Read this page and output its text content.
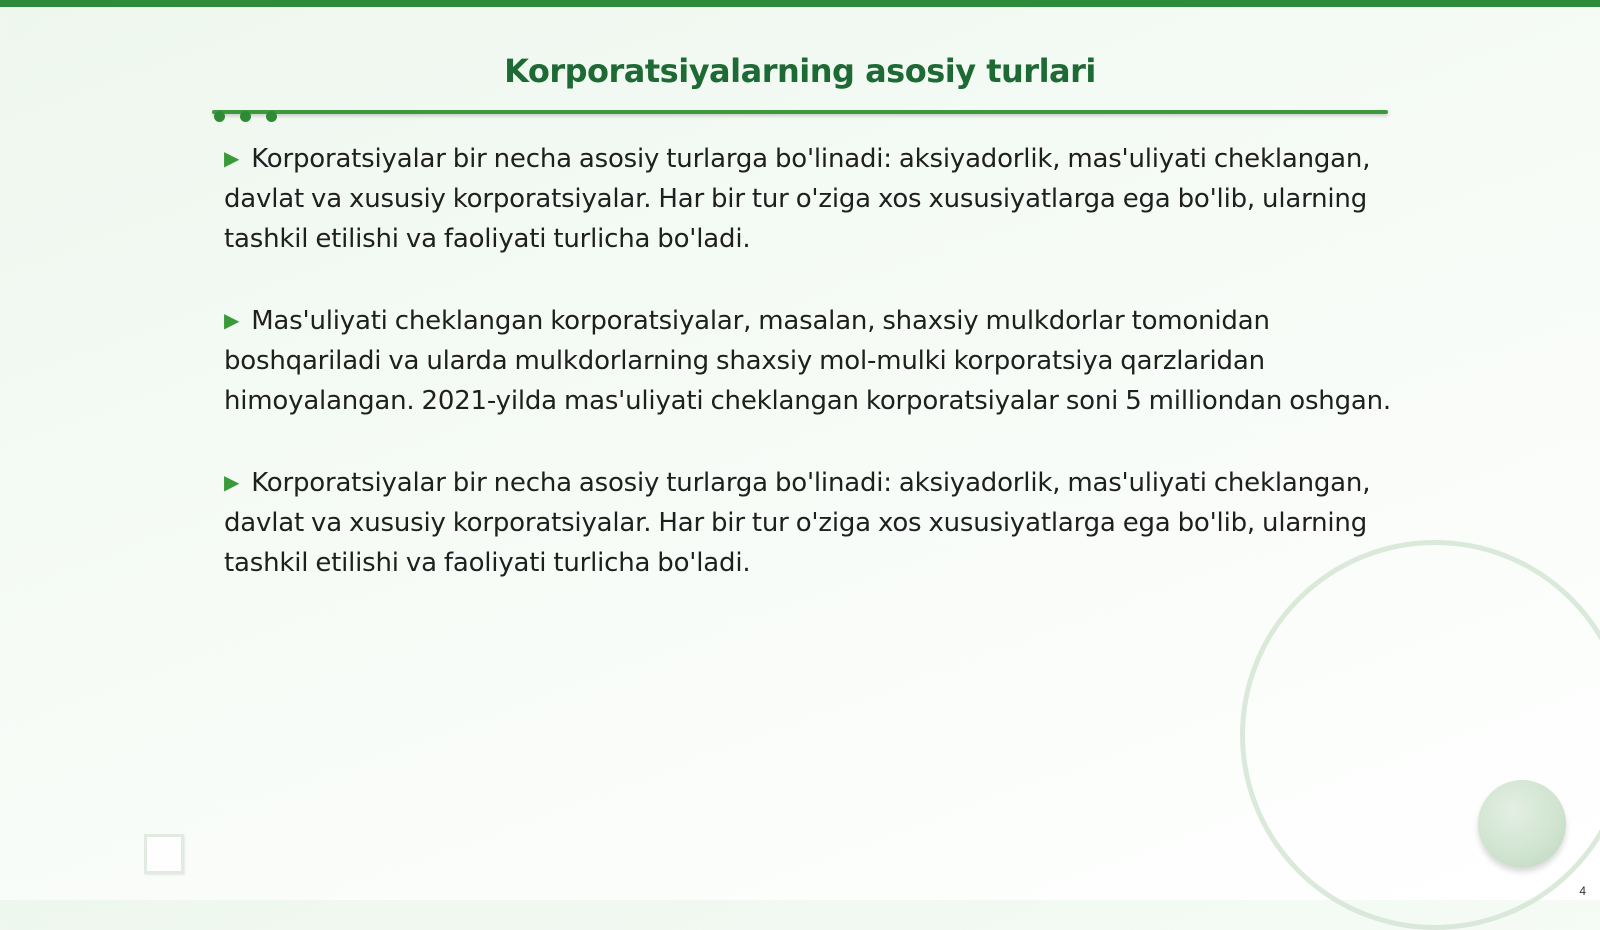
Korporatsiyalarning asosiy turlari

▶ Korporatsiyalar bir necha asosiy turlarga bo'linadi: aksiyadorlik, mas'uliyati cheklangan, davlat va xususiy korporatsiyalar. Har bir tur o'ziga xos xususiyatlarga ega bo'lib, ularning tashkil etilishi va faoliyati turlicha bo'ladi.

▶ Mas'uliyati cheklangan korporatsiyalar, masalan, shaxsiy mulkdorlar tomonidan boshqariladi va ularda mulkdorlarning shaxsiy mol-mulki korporatsiya qarzlaridan himoyalangan. 2021-yilda mas'uliyati cheklangan korporatsiyalar soni 5 milliondan oshgan.

▶ Korporatsiyalar bir necha asosiy turlarga bo'linadi: aksiyadorlik, mas'uliyati cheklangan, davlat va xususiy korporatsiyalar. Har bir tur o'ziga xos xususiyatlarga ega bo'lib, ularning tashkil etilishi va faoliyati turlicha bo'ladi.

4
